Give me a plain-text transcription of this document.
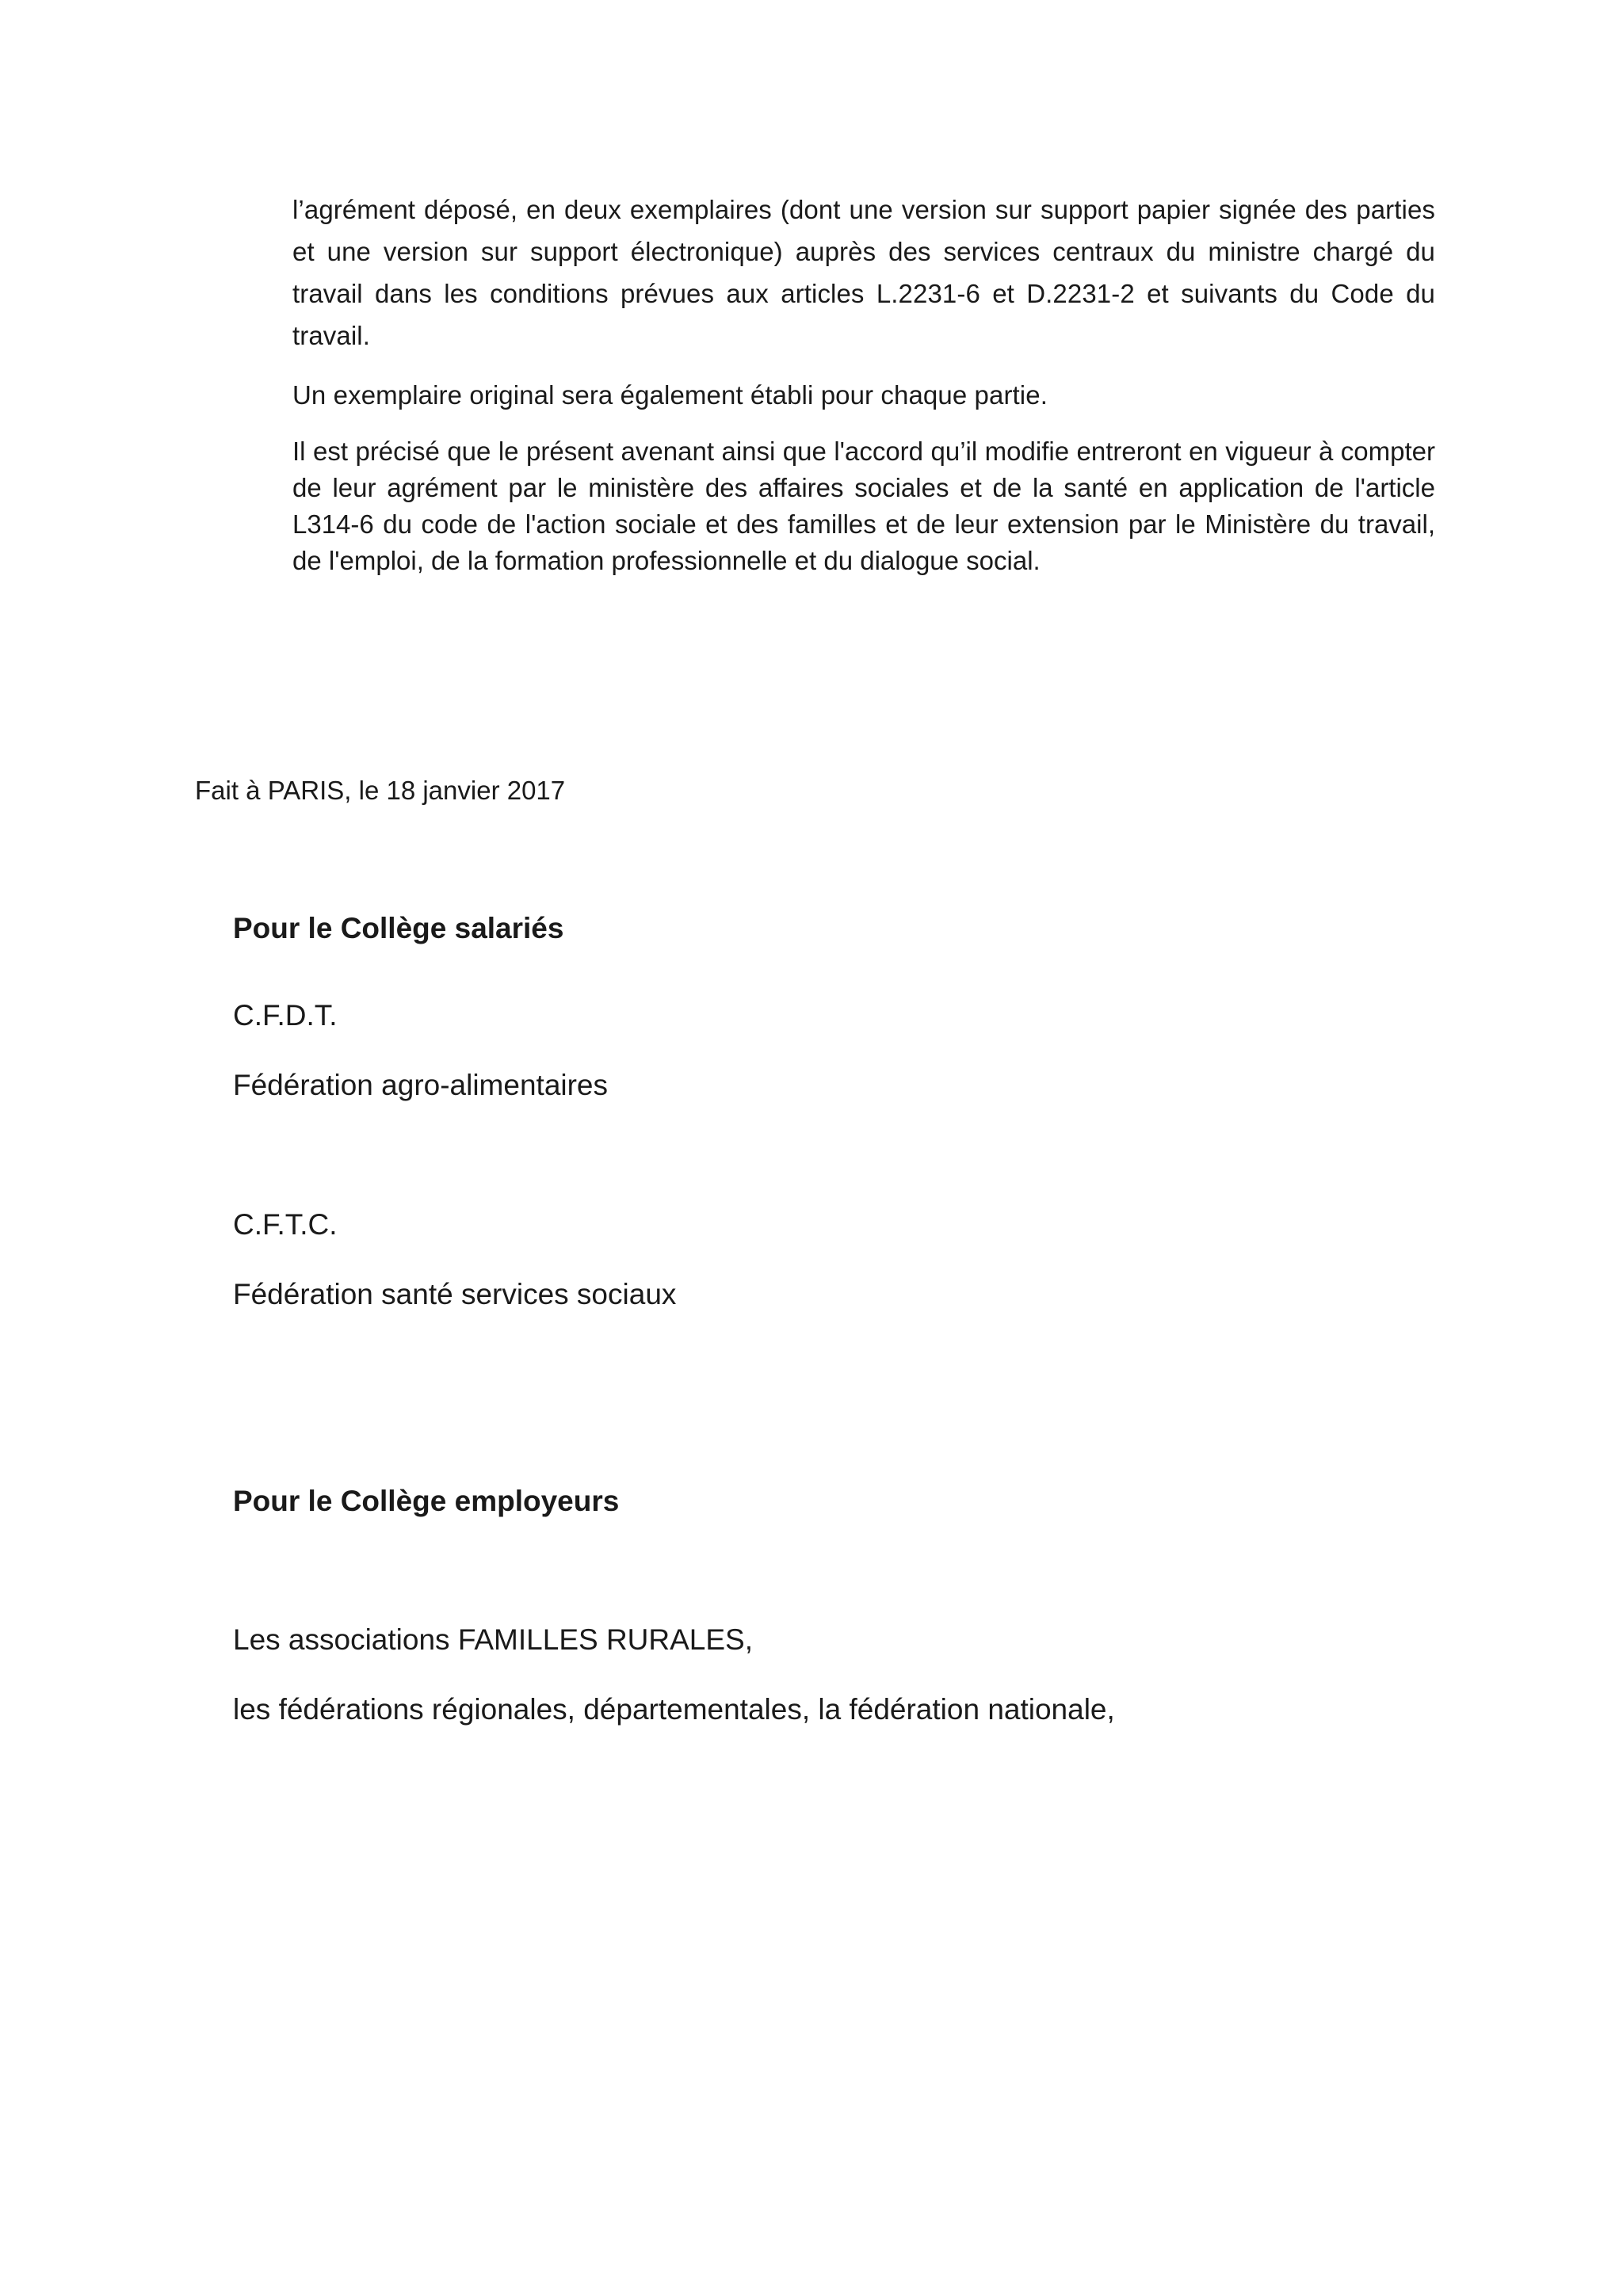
l’agrément déposé, en deux exemplaires (dont une version sur support papier signée des parties et une version sur support électronique) auprès des services centraux du ministre chargé du travail dans les conditions prévues aux articles L.2231-6 et D.2231-2 et suivants du Code du travail.

Un exemplaire original sera également établi pour chaque partie.

Il est précisé que le présent avenant ainsi que l'accord qu’il modifie entreront en vigueur à compter de leur agrément par le ministère des affaires sociales et de la santé en application de l'article L314-6 du code de l'action sociale et des familles et de leur extension par le Ministère du travail, de l'emploi, de la formation professionnelle et du dialogue social.

Fait à PARIS, le 18 janvier 2017

Pour le Collège salariés

C.F.D.T.

Fédération agro-alimentaires

C.F.T.C.

Fédération santé services sociaux

Pour le Collège employeurs

Les associations FAMILLES RURALES,

les fédérations régionales, départementales, la fédération nationale,
